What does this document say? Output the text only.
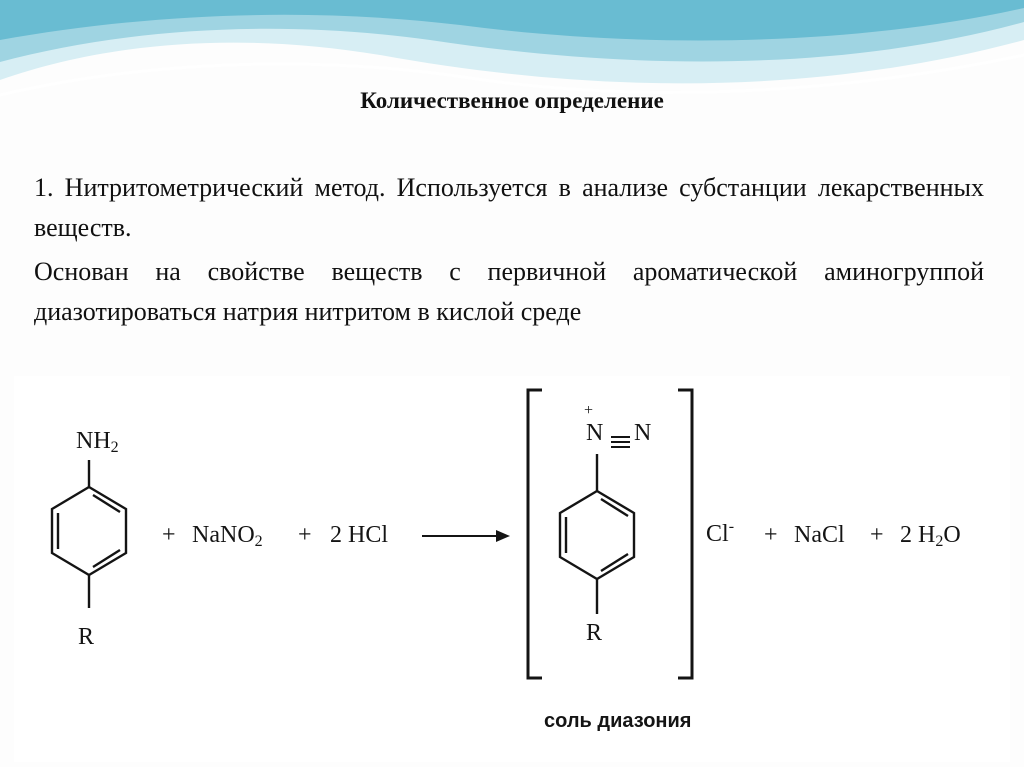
Количественное определение
1. Нитритометрический метод. Используется в анализе субстанции лекарственных веществ.
Основан на свойстве веществ с первичной ароматической аминогруппой диазотироваться натрия нитритом в кислой среде
$NH_2$
R
+ NaNO$_2$ + 2 HCl
+
N N
R
Cl- + NaCl + 2 $H_2O$
соль диазония
